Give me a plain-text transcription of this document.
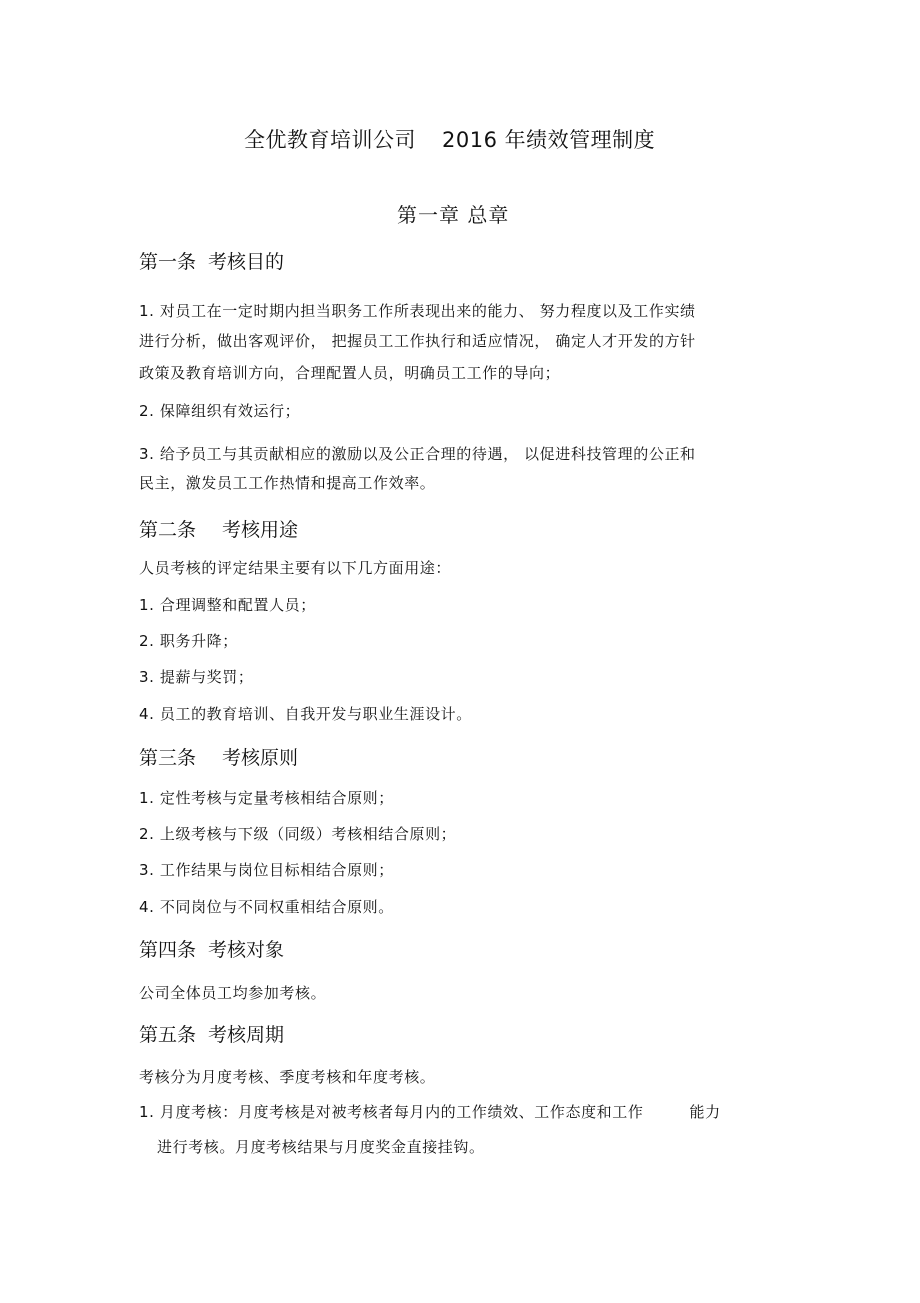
全优教育培训公司 2016 年绩效管理制度
第一章 总章
第一条 考核目的

1. 对员工在一定时期内担当职务工作所表现出来的能力、 努力程度以及工作实绩

进行分析，做出客观评价， 把握员工工作执行和适应情况， 确定人才开发的方针

政策及教育培训方向，合理配置人员，明确员工工作的导向；

2. 保障组织有效运行；

3. 给予员工与其贡献相应的激励以及公正合理的待遇， 以促进科技管理的公正和

民主，激发员工工作热情和提高工作效率。

第二条 考核用途

人员考核的评定结果主要有以下几方面用途：

1. 合理调整和配置人员；

2. 职务升降；

3. 提薪与奖罚；

4. 员工的教育培训、自我开发与职业生涯设计。

第三条 考核原则

1. 定性考核与定量考核相结合原则；

2. 上级考核与下级（同级）考核相结合原则；

3. 工作结果与岗位目标相结合原则；

4. 不同岗位与不同权重相结合原则。

第四条 考核对象

公司全体员工均参加考核。

第五条 考核周期

考核分为月度考核、季度考核和年度考核。

1. 月度考核：月度考核是对被考核者每月内的工作绩效、工作态度和工作	能力

进行考核。月度考核结果与月度奖金直接挂钩。
